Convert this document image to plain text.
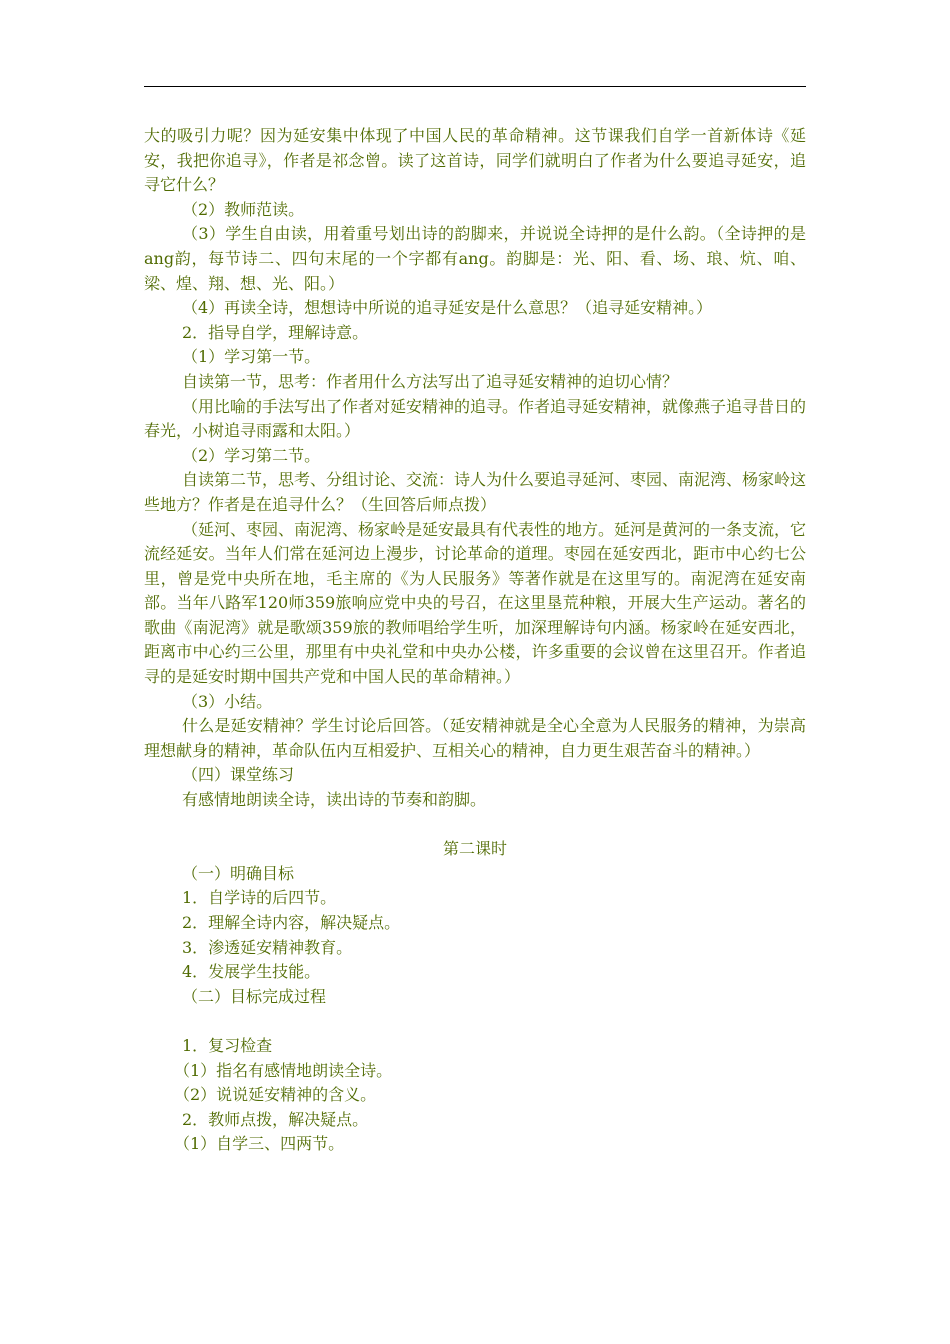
大的吸引力呢？因为延安集中体现了中国人民的革命精神。这节课我们自学一首新体诗《延安，我把你追寻》，作者是祁念曾。读了这首诗，同学们就明白了作者为什么要追寻延安，追寻它什么？

（2）教师范读。

（3）学生自由读，用着重号划出诗的韵脚来，并说说全诗押的是什么韵。（全诗押的是ang韵，每节诗二、四句末尾的一个字都有ang。韵脚是：光、阳、看、场、琅、炕、咱、梁、煌、翔、想、光、阳。）

（4）再读全诗，想想诗中所说的追寻延安是什么意思？（追寻延安精神。）

2．指导自学，理解诗意。

（1）学习第一节。

自读第一节，思考：作者用什么方法写出了追寻延安精神的迫切心情？

（用比喻的手法写出了作者对延安精神的追寻。作者追寻延安精神，就像燕子追寻昔日的春光，小树追寻雨露和太阳。）

（2）学习第二节。

自读第二节，思考、分组讨论、交流：诗人为什么要追寻延河、枣园、南泥湾、杨家岭这些地方？作者是在追寻什么？（生回答后师点拨）

（延河、枣园、南泥湾、杨家岭是延安最具有代表性的地方。延河是黄河的一条支流，它流经延安。当年人们常在延河边上漫步，讨论革命的道理。枣园在延安西北，距市中心约七公里，曾是党中央所在地，毛主席的《为人民服务》等著作就是在这里写的。南泥湾在延安南部。当年八路军120师359旅响应党中央的号召，在这里垦荒种粮，开展大生产运动。著名的歌曲《南泥湾》就是歌颂359旅的教师唱给学生听，加深理解诗句内涵。杨家岭在延安西北，距离市中心约三公里，那里有中央礼堂和中央办公楼，许多重要的会议曾在这里召开。作者追寻的是延安时期中国共产党和中国人民的革命精神。）

（3）小结。

什么是延安精神？学生讨论后回答。（延安精神就是全心全意为人民服务的精神，为崇高理想献身的精神，革命队伍内互相爱护、互相关心的精神，自力更生艰苦奋斗的精神。）

（四）课堂练习

有感情地朗读全诗，读出诗的节奏和韵脚。

第二课时

（一）明确目标

1．自学诗的后四节。

2．理解全诗内容，解决疑点。

3．渗透延安精神教育。

4．发展学生技能。

（二）目标完成过程

1．复习检查

（1）指名有感情地朗读全诗。

（2）说说延安精神的含义。

2．教师点拨，解决疑点。

（1）自学三、四两节。
